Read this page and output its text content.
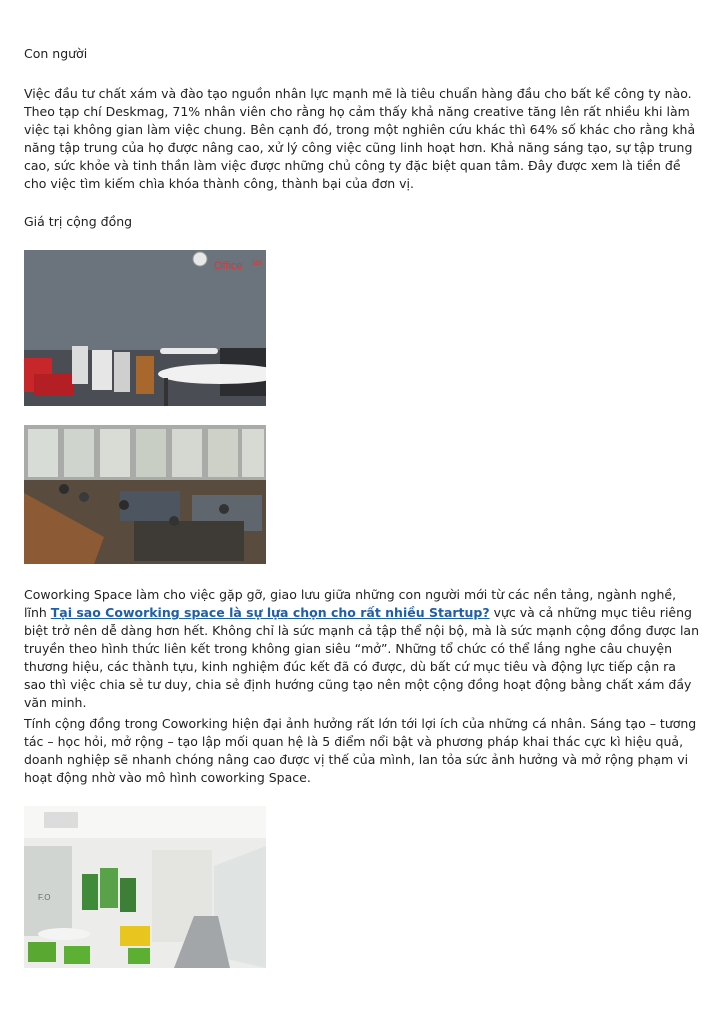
Con người
Việc đầu tư chất xám và đào tạo nguồn nhân lực mạnh mẽ là tiêu chuẩn hàng đầu cho bất kể công ty nào. Theo tạp chí Deskmag, 71% nhân viên cho rằng họ cảm thấy khả năng creative tăng lên rất nhiều khi làm việc tại không gian làm việc chung. Bên cạnh đó, trong một nghiên cứu khác thì 64% số khác cho rằng khả năng tập trung của họ được nâng cao, xử lý công việc cũng linh hoạt hơn. Khả năng sáng tạo, sự tập trung cao, sức khỏe và tinh thần làm việc được những chủ công ty đặc biệt quan tâm. Đây được xem là tiền đề cho việc tìm kiếm chìa khóa thành công, thành bại của đơn vị.
Giá trị cộng đồng
Office 365
Coworking Space làm cho việc gặp gỡ, giao lưu giữa những con người mới từ các nền tảng, ngành nghề, lĩnh Tại sao Coworking space là sự lựa chọn cho rất nhiều Startup? vực và cả những mục tiêu riêng biệt trở nên dễ dàng hơn hết. Không chỉ là sức mạnh cả tập thể nội bộ, mà là sức mạnh cộng đồng được lan truyền theo hình thức liên kết trong không gian siêu “mở”. Những tổ chức có thể lắng nghe câu chuyện thương hiệu, các thành tựu, kinh nghiệm đúc kết đã có được, dù bất cứ mục tiêu và động lực tiếp cận ra sao thì việc chia sẻ tư duy, chia sẻ định hướng cũng tạo nên một cộng đồng hoạt động bằng chất xám đầy văn minh.
Tính cộng đồng trong Coworking hiện đại ảnh hưởng rất lớn tới lợi ích của những cá nhân. Sáng tạo – tương tác – học hỏi, mở rộng – tạo lập mối quan hệ là 5 điểm nổi bật và phương pháp khai thác cực kì hiệu quả, doanh nghiệp sẽ nhanh chóng nâng cao được vị thế của mình, lan tỏa sức ảnh hưởng và mở rộng phạm vi hoạt động nhờ vào mô hình coworking Space.
F.O
